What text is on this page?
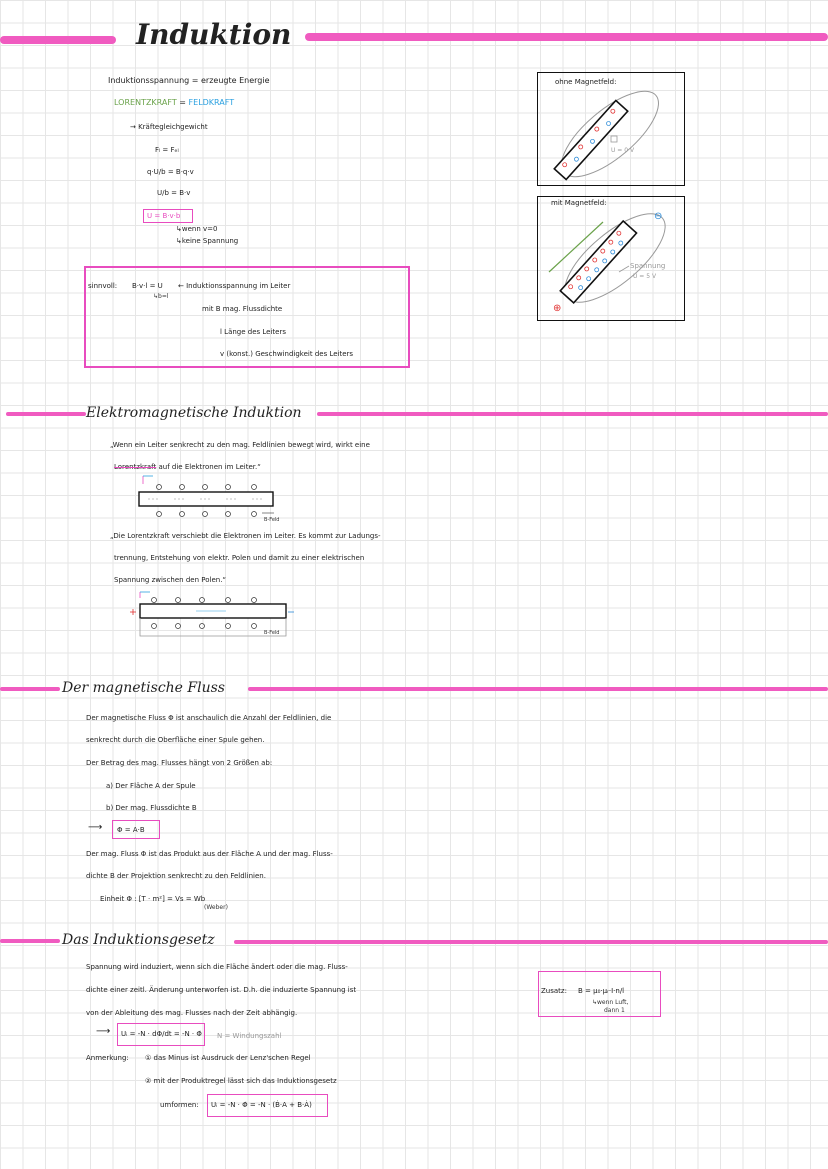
Induktion
Induktionsspannung = erzeugte Energie
LORENTZKRAFT = FELDKRAFT
→ Kräftegleichgewicht
Fₗ = Fₑₗ
q·U/b = B·q·v
U/b = B·v
U = B·v·b
↳wenn v=0
↳keine Spannung
sinnvoll: B·v·l = U ← Induktionsspannung im Leiter
↳b=l
mit B mag. Flussdichte
l Länge des Leiters
v (konst.) Geschwindigkeit des Leiters
ohne Magnetfeld:
U = 0 V
mit Magnetfeld:
⊖
⊕
Spannung
U = 5 V
Elektromagnetische Induktion
„Wenn ein Leiter senkrecht zu den mag. Feldlinien bewegt wird, wirkt eine
Lorentzkraft auf die Elektronen im Leiter.“
B-Feld
„Die Lorentzkraft verschiebt die Elektronen im Leiter. Es kommt zur Ladungs-
trennung, Entstehung von elektr. Polen und damit zu einer elektrischen
Spannung zwischen den Polen.“
B-Feld
Der magnetische Fluss
Der magnetische Fluss Φ ist anschaulich die Anzahl der Feldlinien, die
senkrecht durch die Oberfläche einer Spule gehen.
Der Betrag des mag. Flusses hängt von 2 Größen ab:
a) Der Fläche A der Spule
b) Der mag. Flussdichte B
⟶ Φ = A·B
Der mag. Fluss Φ ist das Produkt aus der Fläche A und der mag. Fluss-
dichte B der Projektion senkrecht zu den Feldlinien.
Einheit Φ : [T · m²] = Vs = Wb
(Weber)
Das Induktionsgesetz
Spannung wird induziert, wenn sich die Fläche ändert oder die mag. Fluss-
dichte einer zeitl. Änderung unterworfen ist. D.h. die induzierte Spannung ist
von der Ableitung des mag. Flusses nach der Zeit abhängig.
⟶ Uᵢ = -N · dΦ/dt = -N · Φ̇ N = Windungszahl
Anmerkung: ① das Minus ist Ausdruck der Lenz'schen Regel
② mit der Produktregel lässt sich das Induktionsgesetz
umformen: Uᵢ = -N · Φ̇ = -N · (Ḃ·A + B·Ȧ)
Zusatz: B = μ₀·μᵣ·I·n/l
↳wenn Luft,
dann 1
